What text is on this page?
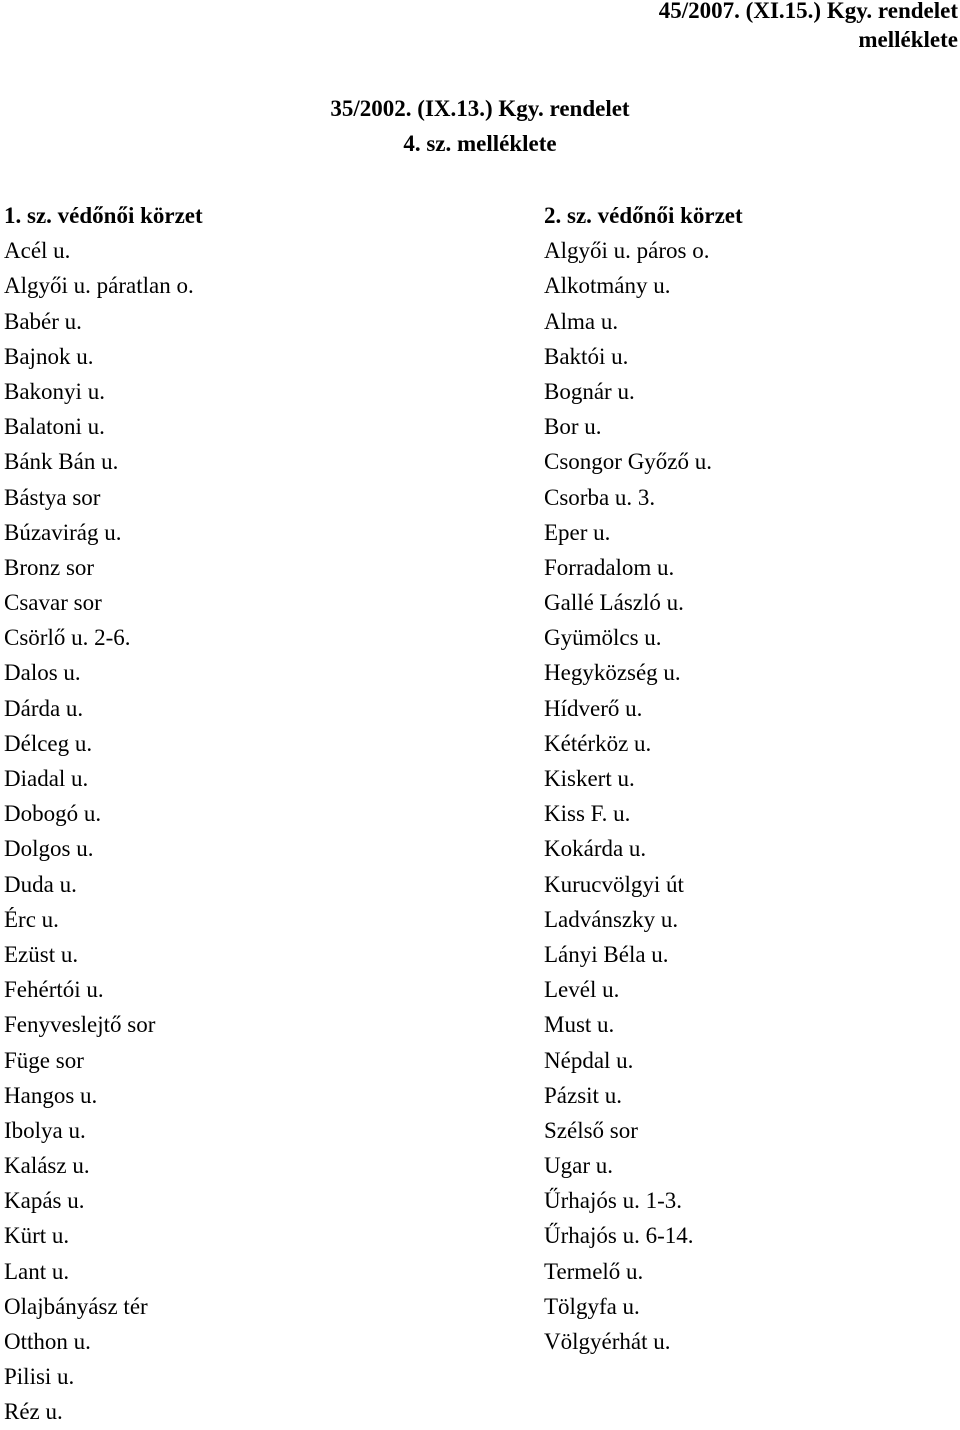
45/2007. (XI.15.) Kgy. rendelet
melléklete
35/2002. (IX.13.) Kgy. rendelet
4. sz. melléklete
1. sz. védőnői körzet
Acél u.
Algyői u. páratlan o.
Babér u.
Bajnok u.
Bakonyi u.
Balatoni u.
Bánk Bán u.
Bástya sor
Búzavirág u.
Bronz sor
Csavar sor
Csörlő u. 2-6.
Dalos u.
Dárda u.
Délceg u.
Diadal u.
Dobogó u.
Dolgos u.
Duda u.
Érc u.
Ezüst u.
Fehértói u.
Fenyveslejtő sor
Füge sor
Hangos u.
Ibolya u.
Kalász u.
Kapás u.
Kürt u.
Lant u.
Olajbányász tér
Otthon u.
Pilisi u.
Réz u.
2. sz. védőnői körzet
Algyői u. páros o.
Alkotmány u.
Alma u.
Baktói u.
Bognár u.
Bor u.
Csongor Győző u.
Csorba u. 3.
Eper u.
Forradalom u.
Gallé László u.
Gyümölcs u.
Hegyközség u.
Hídverő u.
Kétérköz u.
Kiskert u.
Kiss F. u.
Kokárda u.
Kurucvölgyi út
Ladvánszky u.
Lányi Béla u.
Levél u.
Must u.
Népdal u.
Pázsit u.
Szélső sor
Ugar u.
Űrhajós u. 1-3.
Űrhajós u. 6-14.
Termelő u.
Tölgyfa u.
Völgyérhát u.
